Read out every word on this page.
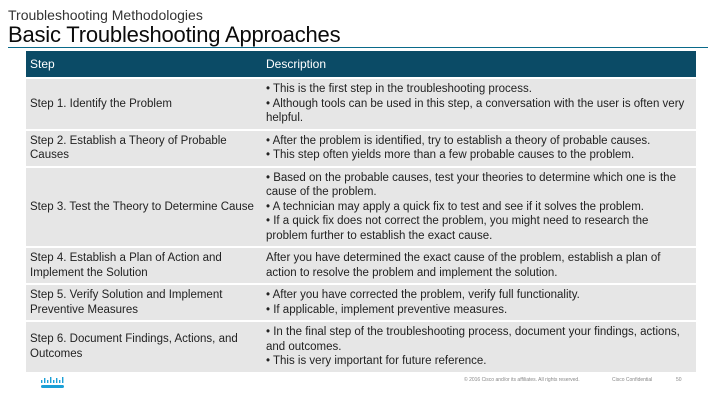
Troubleshooting Methodologies
Basic Troubleshooting Approaches
Step	Description
Step 1. Identify the Problem	• This is the first step in the troubleshooting process.
• Although tools can be used in this step, a conversation with the user is often very helpful.

Step 2. Establish a Theory of Probable Causes	• After the problem is identified, try to establish a theory of probable causes.
• This step often yields more than a few probable causes to the problem.

Step 3. Test the Theory to Determine Cause	• Based on the probable causes, test your theories to determine which one is the cause of the problem.
• A technician may apply a quick fix to test and see if it solves the problem.
• If a quick fix does not correct the problem, you might need to research the problem further to establish the exact cause.

Step 4. Establish a Plan of Action and Implement the Solution	After you have determined the exact cause of the problem, establish a plan of action to resolve the problem and implement the solution.

Step 5. Verify Solution and Implement Preventive Measures	• After you have corrected the problem, verify full functionality.
• If applicable, implement preventive measures.

Step 6. Document Findings, Actions, and Outcomes	• In the final step of the troubleshooting process, document your findings, actions, and outcomes.
• This is very important for future reference.
© 2016 Cisco and/or its affiliates. All rights reserved.	Cisco Confidential	50
